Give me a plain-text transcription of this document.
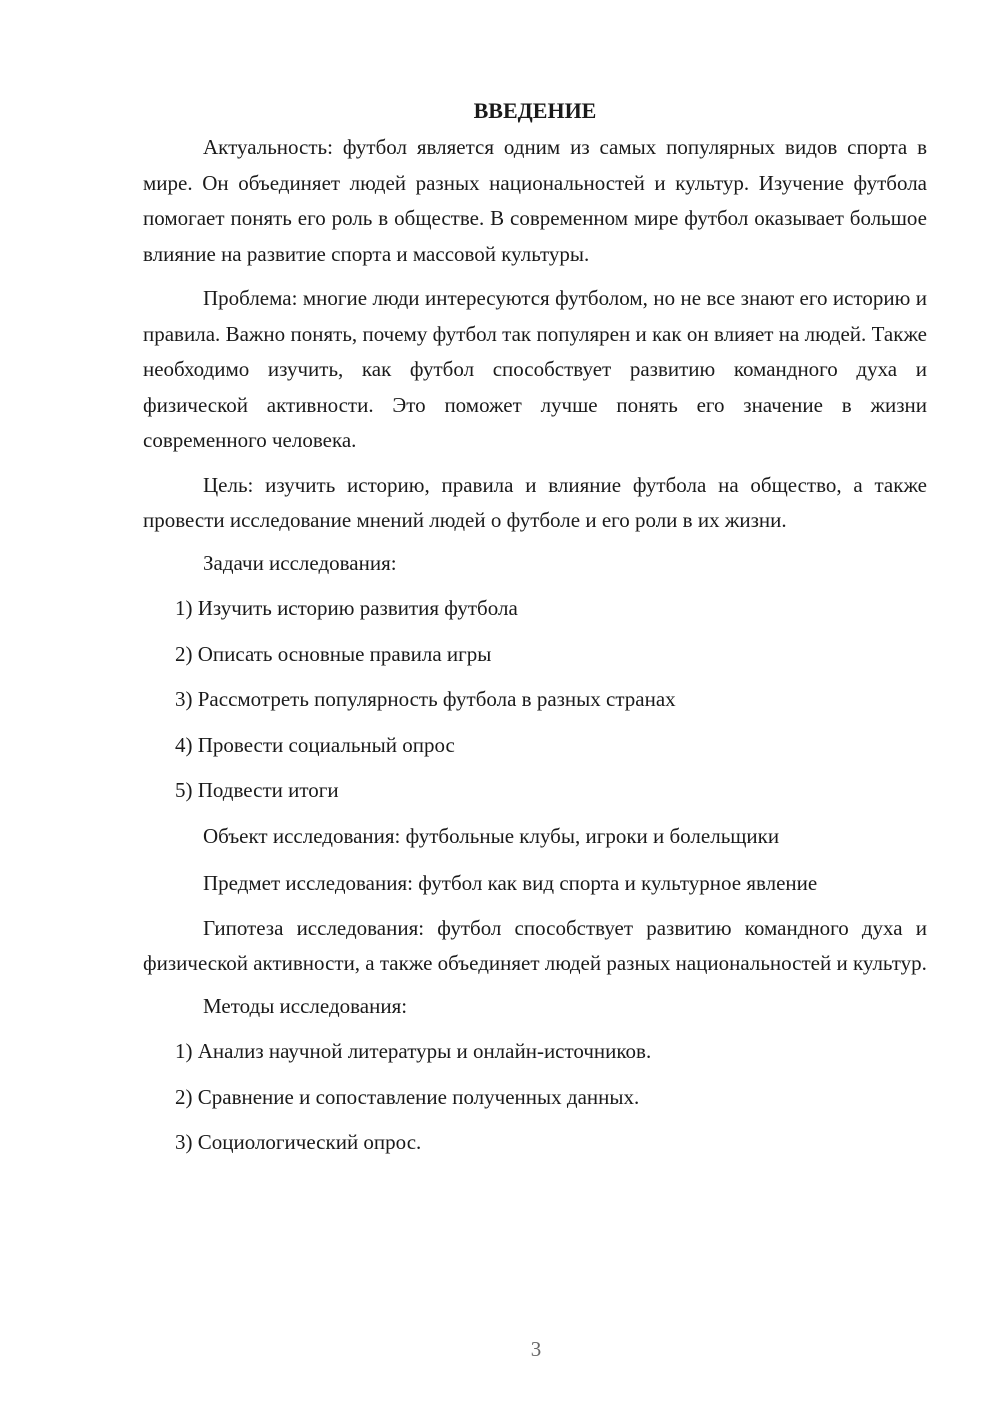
ВВЕДЕНИЕ

Актуальность: футбол является одним из самых популярных видов спорта в мире. Он объединяет людей разных национальностей и культур. Изучение футбола помогает понять его роль в обществе. В современном мире футбол оказывает большое влияние на развитие спорта и массовой культуры.

Проблема: многие люди интересуются футболом, но не все знают его историю и правила. Важно понять, почему футбол так популярен и как он влияет на людей. Также необходимо изучить, как футбол способствует развитию командного духа и физической активности. Это поможет лучше понять его значение в жизни современного человека.

Цель: изучить историю, правила и влияние футбола на общество, а также провести исследование мнений людей о футболе и его роли в их жизни.

Задачи исследования:
1) Изучить историю развития футбола
2) Описать основные правила игры
3) Рассмотреть популярность футбола в разных странах
4) Провести социальный опрос
5) Подвести итоги
Объект исследования: футбольные клубы, игроки и болельщики

Предмет исследования: футбол как вид спорта и культурное явление

Гипотеза исследования: футбол способствует развитию командного духа и физической активности, а также объединяет людей разных национальностей и культур.

Методы исследования:
1) Анализ научной литературы и онлайн-источников.
2) Сравнение и сопоставление полученных данных.
3) Социологический опрос.
3
